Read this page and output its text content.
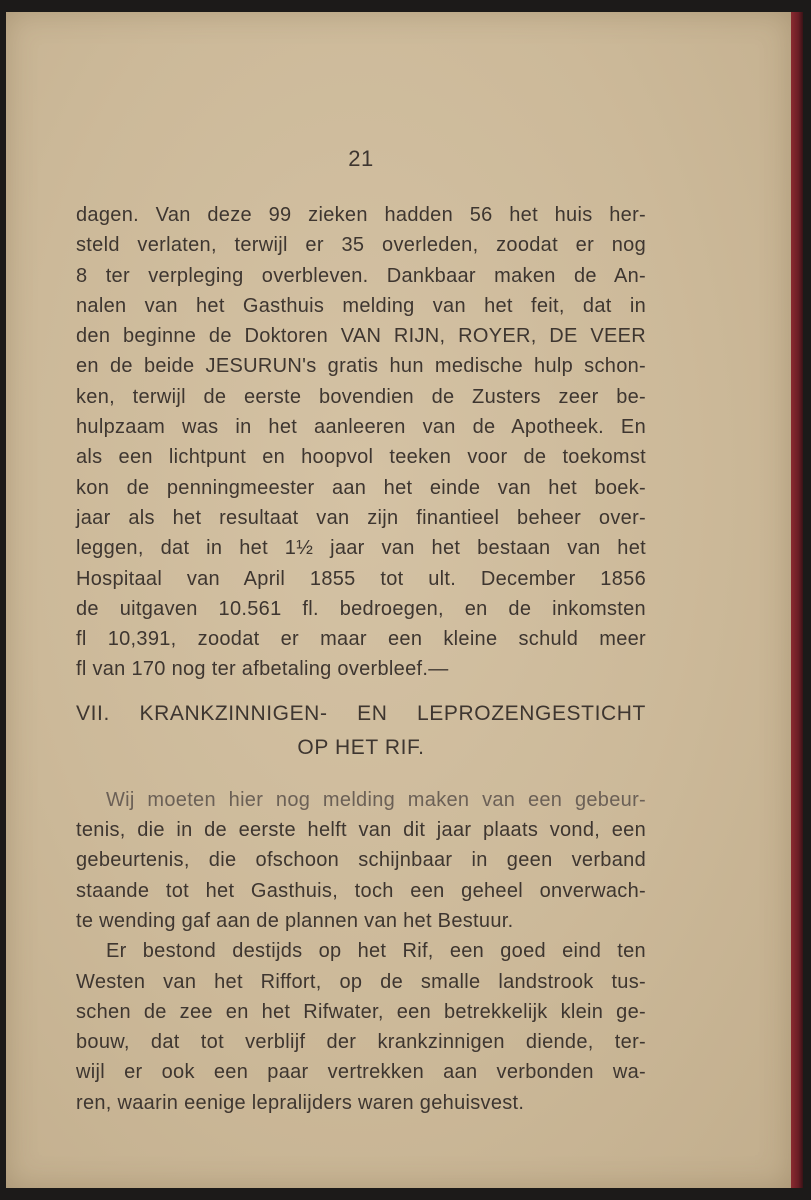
21
dagen. Van deze 99 zieken hadden 56 het huis her-
steld verlaten, terwijl er 35 overleden, zoodat er nog
8 ter verpleging overbleven. Dankbaar maken de An-
nalen van het Gasthuis melding van het feit, dat in
den beginne de Doktoren VAN RIJN, ROYER, DE VEER
en de beide JESURUN's gratis hun medische hulp schon-
ken, terwijl de eerste bovendien de Zusters zeer be-
hulpzaam was in het aanleeren van de Apotheek. En
als een lichtpunt en hoopvol teeken voor de toekomst
kon de penningmeester aan het einde van het boek-
jaar als het resultaat van zijn finantieel beheer over-
leggen, dat in het 1½ jaar van het bestaan van het
Hospitaal van April 1855 tot ult. December 1856
de uitgaven 10.561 fl. bedroegen, en de inkomsten
fl 10,391, zoodat er maar een kleine schuld meer
fl van 170 nog ter afbetaling overbleef.—
VII. KRANKZINNIGEN- EN LEPROZENGESTICHT
OP HET RIF.
Wij moeten hier nog melding maken van een gebeur-
tenis, die in de eerste helft van dit jaar plaats vond, een
gebeurtenis, die ofschoon schijnbaar in geen verband
staande tot het Gasthuis, toch een geheel onverwach-
te wending gaf aan de plannen van het Bestuur.
Er bestond destijds op het Rif, een goed eind ten
Westen van het Riffort, op de smalle landstrook tus-
schen de zee en het Rifwater, een betrekkelijk klein ge-
bouw, dat tot verblijf der krankzinnigen diende, ter-
wijl er ook een paar vertrekken aan verbonden wa-
ren, waarin eenige lepralijders waren gehuisvest.
